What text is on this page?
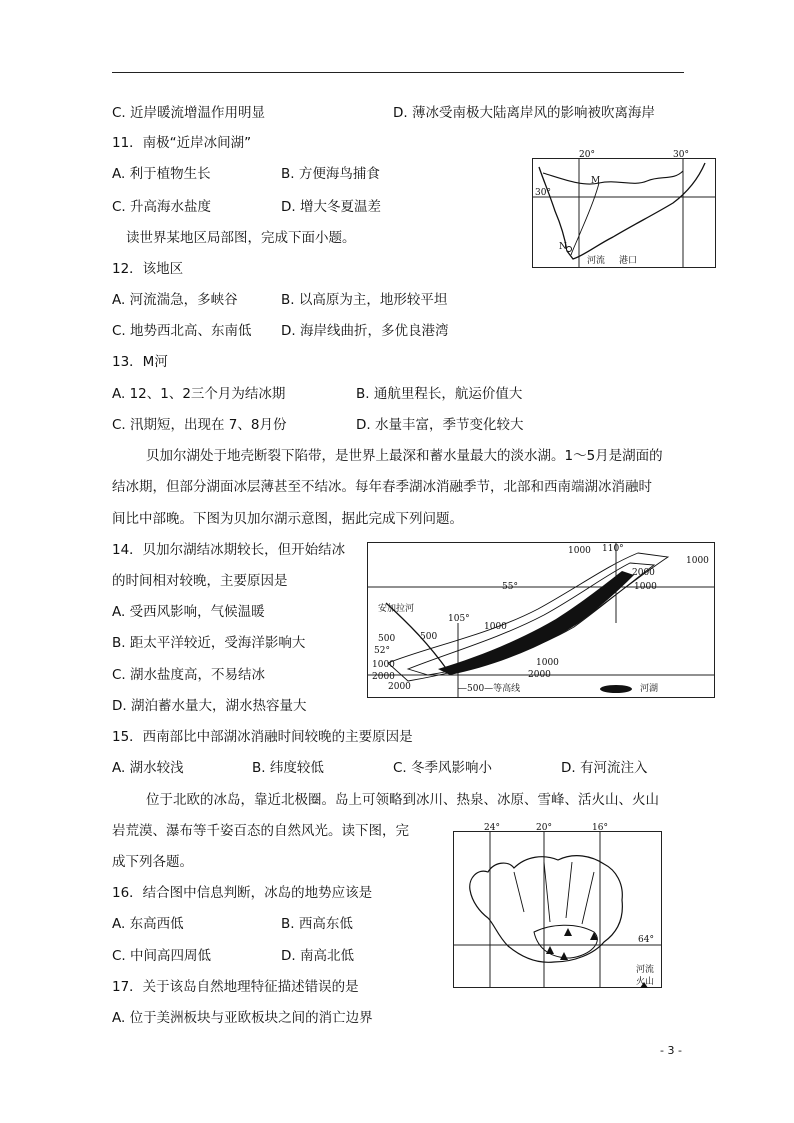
C. 近岸暖流增温作用明显	D. 薄冰受南极大陆离岸风的影响被吹离海岸
11．南极“近岸冰间湖”
A. 利于植物生长	B. 方便海鸟捕食
C. 升高海水盐度	D. 增大冬夏温差
读世界某地区局部图，完成下面小题。
12．该地区
A. 河流湍急，多峡谷	B. 以高原为主，地形较平坦
C. 地势西北高、东南低 D. 海岸线曲折，多优良港湾
13．M河
A. 12、1、2三个月为结冰期	B. 通航里程长，航运价值大
C. 汛期短，出现在 7、8月份	D. 水量丰富，季节变化较大
贝加尔湖处于地壳断裂下陷带，是世界上最深和蓄水量最大的淡水湖。1～5月是湖面的
结冰期，但部分湖面冰层薄甚至不结冰。每年春季湖冰消融季节，北部和西南端湖冰消融时
间比中部晚。下图为贝加尔湖示意图，据此完成下列问题。
14．贝加尔湖结冰期较长，但开始结冰
的时间相对较晚，主要原因是
A. 受西风影响，气候温暖
B. 距太平洋较近，受海洋影响大
C. 湖水盐度高，不易结冰
D. 湖泊蓄水量大，湖水热容量大
15．西南部比中部湖冰消融时间较晚的主要原因是
A. 湖水较浅	B. 纬度较低	C. 冬季风影响小	D. 有河流注入
位于北欧的冰岛，靠近北极圈。岛上可领略到冰川、热泉、冰原、雪峰、活火山、火山
岩荒漠、瀑布等千姿百态的自然风光。读下图，完
成下列各题。
16．结合图中信息判断，冰岛的地势应该是
A. 东高西低	B. 西高东低
C. 中间高四周低	D. 南高北低
17．关于该岛自然地理特征描述错误的是
A. 位于美洲板块与亚欧板块之间的消亡边界
- 3 -
20°	30°
30°
M
N
河流 港口
1000 110°
1000
2000
1000
55°
安加拉河
105°
1000
500
500
52°
1000	1000
2000
2000
2000	—500—等高线	河湖
24°	20°	16°
64°
河流
火山
